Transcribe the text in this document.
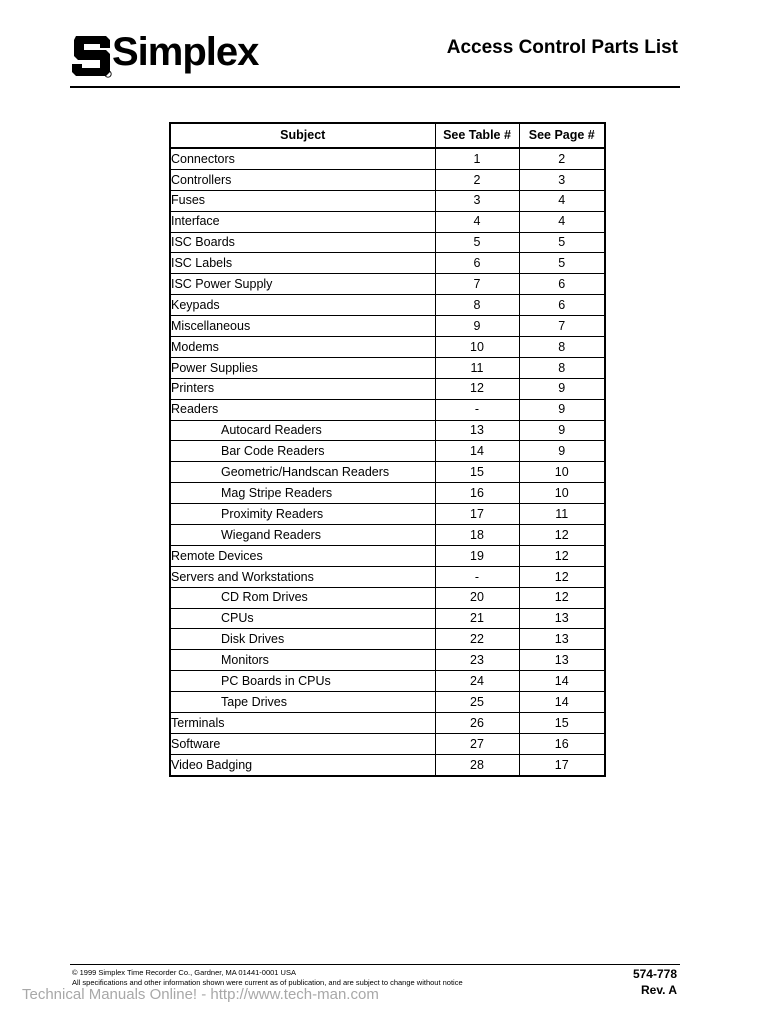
Simplex	Access Control Parts List
Subject	See Table #	See Page #
Connectors	1	2
Controllers	2	3
Fuses	3	4
Interface	4	4
ISC Boards	5	5
ISC Labels	6	5
ISC Power Supply	7	6
Keypads	8	6
Miscellaneous	9	7
Modems	10	8
Power Supplies	11	8
Printers	12	9
Readers	-	9
Autocard Readers	13	9
Bar Code Readers	14	9
Geometric/Handscan Readers	15	10
Mag Stripe Readers	16	10
Proximity Readers	17	11
Wiegand Readers	18	12
Remote Devices	19	12
Servers and Workstations	-	12
CD Rom Drives	20	12
CPUs	21	13
Disk Drives	22	13
Monitors	23	13
PC Boards in CPUs	24	14
Tape Drives	25	14
Terminals	26	15
Software	27	16
Video Badging	28	17
© 1999 Simplex Time Recorder Co., Gardner, MA 01441-0001 USA
All specifications and other information shown were current as of publication, and are subject to change without notice
574-778
Rev. A
Technical Manuals Online! - http://www.tech-man.com
